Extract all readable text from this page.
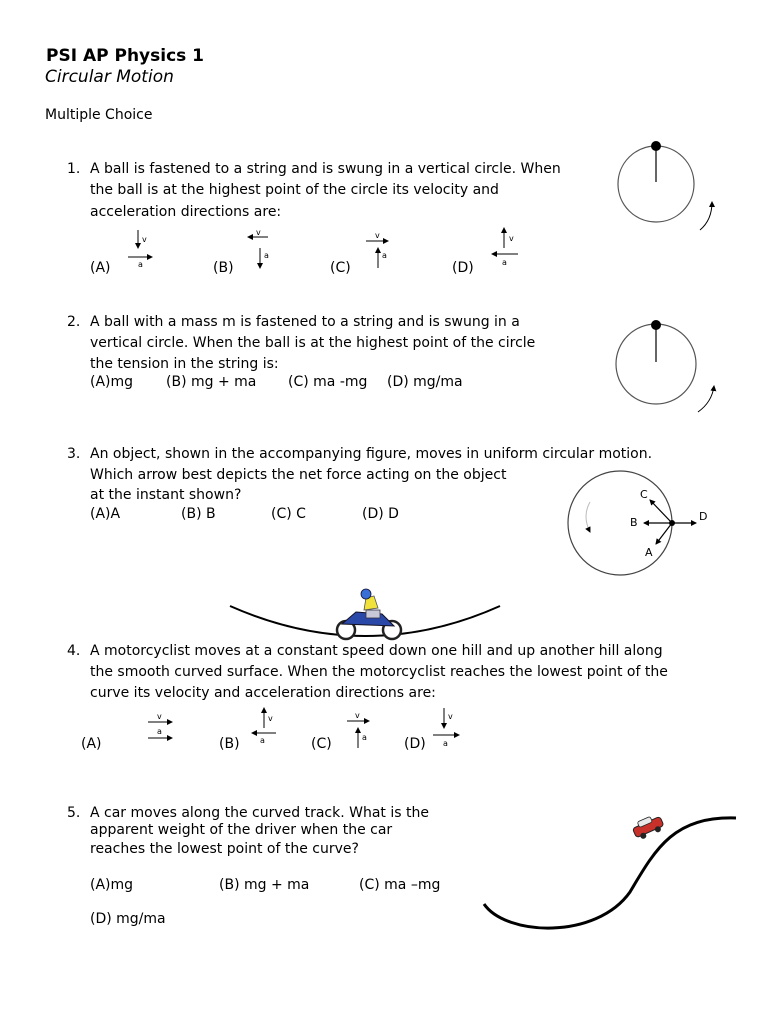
PSI AP Physics 1
Circular Motion
Multiple Choice
1. A ball is fastened to a string and is swung in a vertical circle. When
the ball is at the highest point of the circle its velocity and
acceleration directions are:
(A)	(B)	(C)	(D)
v
a
v
a
v
a
v
a
2. A ball with a mass m is fastened to a string and is swung in a
vertical circle. When the ball is at the highest point of the circle
the tension in the string is:
(A)mg (B) mg + ma (C) ma -mg (D) mg/ma
3. An object, shown in the accompanying figure, moves in uniform circular motion.
Which arrow best depicts the net force acting on the object
at the instant shown?
(A)A	(B) B	(C) C	(D) D	D
B
C
A
4. A motorcyclist moves at a constant speed down one hill and up another hill along
the smooth curved surface. When the motorcyclist reaches the lowest point of the
curve its velocity and acceleration directions are:
(A)	(B)	(C)	(D)
v
a
v
a
v
a
v
a
5. A car moves along the curved track. What is the
apparent weight of the driver when the car
reaches the lowest point of the curve?
(A)mg	(B) mg + ma	(C) ma –mg
(D) mg/ma
